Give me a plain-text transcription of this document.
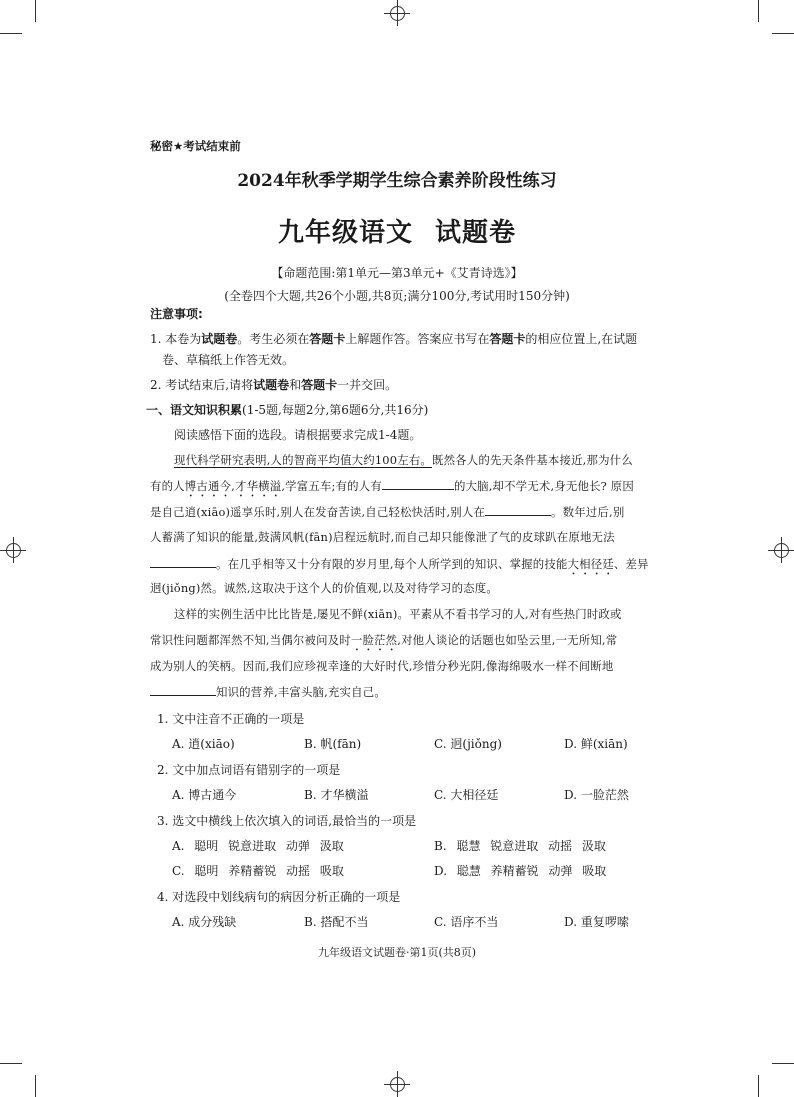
秘密★考试结束前
2024年秋季学期学生综合素养阶段性练习
九年级语文 试题卷
【命题范围:第1单元—第3单元+《艾青诗选》】
(全卷四个大题,共26个小题,共8页;满分100分,考试用时150分钟)
注意事项:
1. 本卷为试题卷。考生必须在答题卡上解题作答。答案应书写在答题卡的相应位置上,在试题
卷、草稿纸上作答无效。
2. 考试结束后,请将试题卷和答题卡一并交回。
一、语文知识积累(1-5题,每题2分,第6题6分,共16分)
阅读感悟下面的选段。请根据要求完成1-4题。
现代科学研究表明,人的智商平均值大约100左右。既然各人的先天条件基本接近,那为什么
有的人博古通今,才华横溢,学富五车;有的人有	的大脑,却不学无术,身无他长? 原因
是自己逍(xiāo)遥享乐时,别人在发奋苦读,自己轻松快活时,别人在	。数年过后,别
人蓄满了知识的能量,鼓满风帆(fān)启程远航时,而自己却只能像泄了气的皮球趴在原地无法
。在几乎相等又十分有限的岁月里,每个人所学到的知识、掌握的技能大相径廷、差异
迥(jiǒng)然。诚然,这取决于这个人的价值观,以及对待学习的态度。
这样的实例生活中比比皆是,屡见不鲜(xiān)。平素从不看书学习的人,对有些热门时政或
常识性问题都浑然不知,当偶尔被问及时一脸茫然,对他人谈论的话题也如坠云里,一无所知,常
成为别人的笑柄。因而,我们应珍视幸逢的大好时代,珍惜分秒光阴,像海绵吸水一样不间断地
知识的营养,丰富头脑,充实自己。
1. 文中注音不正确的一项是
A. 逍(xiāo)	B. 帆(fān)	C. 迥(jiǒng)	D. 鲜(xiān)
2. 文中加点词语有错别字的一项是
A. 博古通今	B. 才华横溢	C. 大相径廷	D. 一脸茫然
3. 选文中横线上依次填入的词语,最恰当的一项是
A. 聪明 锐意进取 动弹 汲取	B. 聪慧 锐意进取 动摇 汲取
C. 聪明 养精蓄锐 动摇 吸取	D. 聪慧 养精蓄锐 动弹 吸取
4. 对选段中划线病句的病因分析正确的一项是
A. 成分残缺	B. 搭配不当	C. 语序不当	D. 重复啰嗦
九年级语文试题卷·第1页(共8页)
